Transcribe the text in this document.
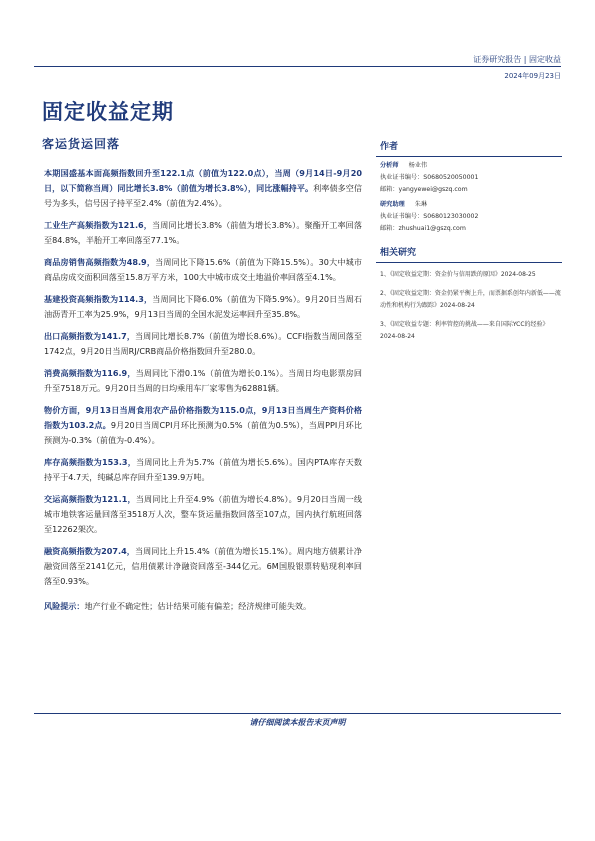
证券研究报告 | 固定收益
2024年09月23日
固定收益定期
客运货运回落

本期国盛基本面高频指数回升至122.1点（前值为122.0点），当周（9月14日-9月20日，以下简称当周）同比增长3.8%（前值为增长3.8%），同比涨幅持平。利率债多空信号为多头，信号因子持平至2.4%（前值为2.4%）。

工业生产高频指数为121.6，当周同比增长3.8%（前值为增长3.8%）。聚酯开工率回落至84.8%，半胎开工率回落至77.1%。

商品房销售高频指数为48.9，当周同比下降15.6%（前值为下降15.5%）。30大中城市商品房成交面积回落至15.8万平方米，100大中城市成交土地溢价率回落至4.1%。

基建投资高频指数为114.3，当周同比下降6.0%（前值为下降5.9%）。9月20日当周石油沥青开工率为25.9%，9月13日当周的全国水泥发运率回升至35.8%。

出口高频指数为141.7，当周同比增长8.7%（前值为增长8.6%）。CCFI指数当周回落至1742点，9月20日当周RJ/CRB商品价格指数回升至280.0。

消费高频指数为116.9，当周同比下滑0.1%（前值为增长0.1%）。当周日均电影票房回升至7518万元。9月20日当周的日均乘用车厂家零售为62881辆。

物价方面，9月13日当周食用农产品价格指数为115.0点，9月13日当周生产资料价格指数为103.2点。9月20日当周CPI月环比预测为0.5%（前值为0.5%），当周PPI月环比预测为-0.3%（前值为-0.4%）。

库存高频指数为153.3，当周同比上升为5.7%（前值为增长5.6%）。国内PTA库存天数持平于4.7天，纯碱总库存回升至139.9万吨。

交运高频指数为121.1，当周同比上升至4.9%（前值为增长4.8%）。9月20日当周一线城市地铁客运量回落至3518万人次，整车货运量指数回落至107点，国内执行航班回落至12262架次。

融资高频指数为207.4，当周同比上升15.4%（前值为增长15.1%）。周内地方债累计净融资回落至2141亿元，信用债累计净融资回落至-344亿元。6M国股银票转贴现利率回落至0.93%。

风险提示：地产行业不确定性；估计结果可能有偏差；经济规律可能失效。

作者
分析师 杨业伟
执业证书编号：S0680520050001
邮箱：yangyewei@gszq.com
研究助理 朱琳
执业证书编号：S0680123030002
邮箱：zhushuai1@gszq.com
相关研究
1、《固定收益定期：资金价与信用跌的原因》2024-08-25
2、《固定收益定期：资金仍紧平衡上升，而票据系创年内新低——流动性和机构行为跟踪》2024-08-24
3、《固定收益专题：利率管控的挑战——来自国际YCC的经验》2024-08-24
请仔细阅读本报告末页声明
